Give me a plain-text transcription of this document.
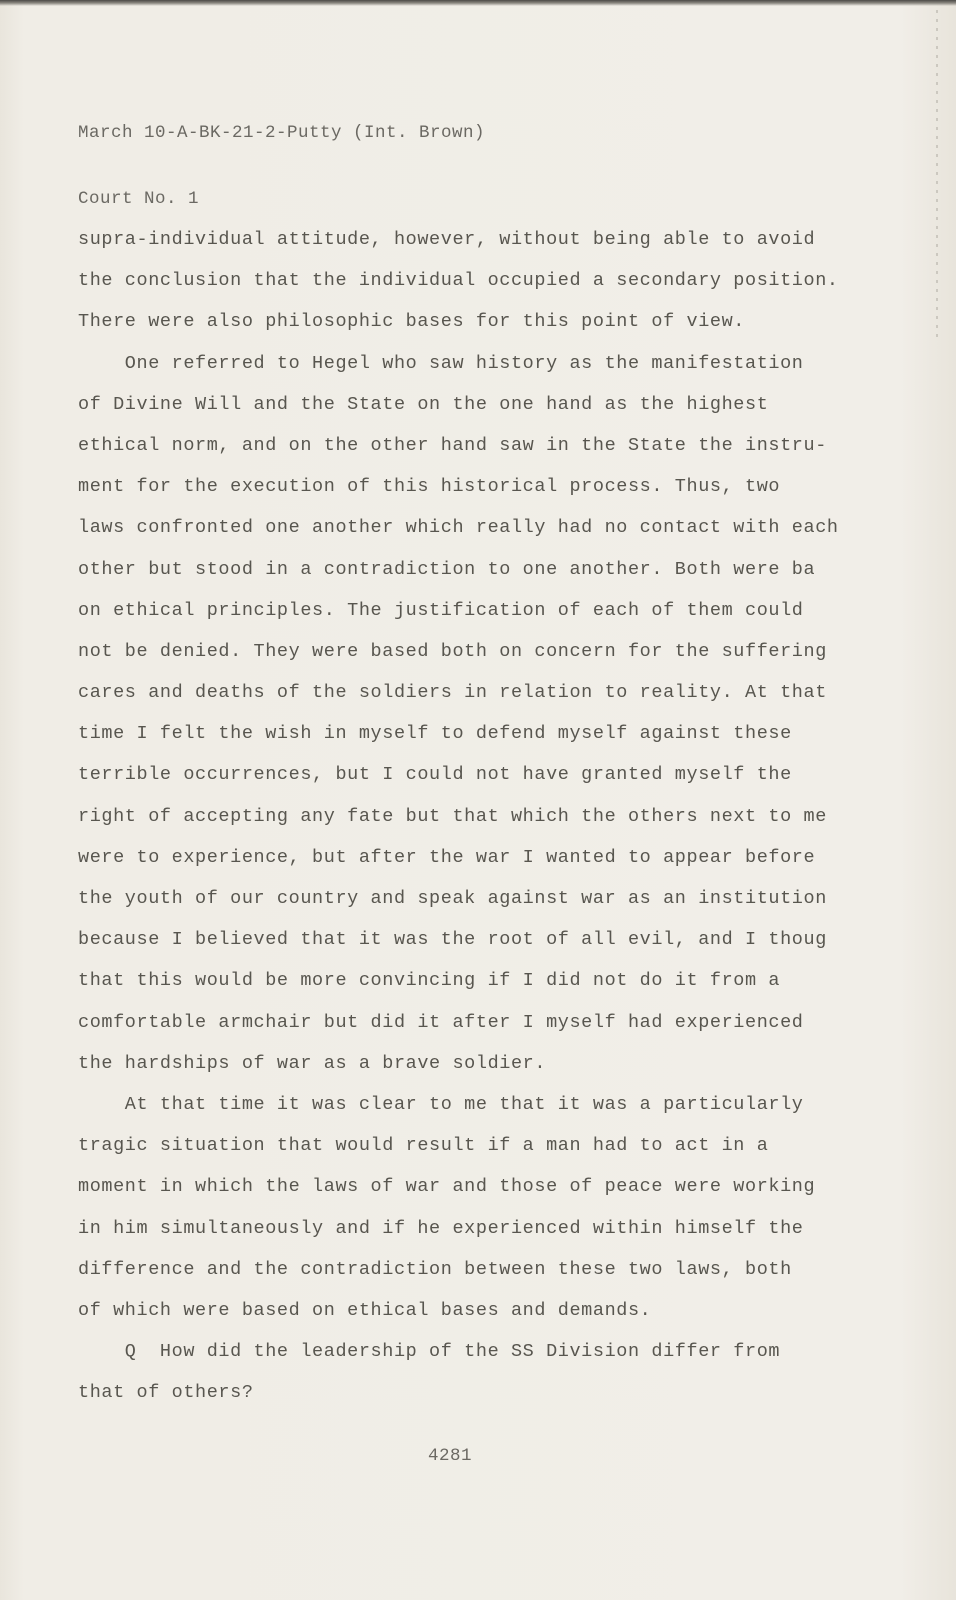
March 10-A-BK-21-2-Putty (Int. Brown)

Court No. 1

supra-individual attitude, however, without being able to avoid
the conclusion that the individual occupied a secondary position.
There were also philosophic bases for this point of view.
One referred to Hegel who saw history as the manifestation
of Divine Will and the State on the one hand as the highest
ethical norm, and on the other hand saw in the State the instru-
ment for the execution of this historical process. Thus, two
laws confronted one another which really had no contact with each
other but stood in a contradiction to one another. Both were ba
on ethical principles. The justification of each of them could
not be denied. They were based both on concern for the suffering
cares and deaths of the soldiers in relation to reality. At that
time I felt the wish in myself to defend myself against these
terrible occurrences, but I could not have granted myself the
right of accepting any fate but that which the others next to me
were to experience, but after the war I wanted to appear before
the youth of our country and speak against war as an institution
because I believed that it was the root of all evil, and I thoug
that this would be more convincing if I did not do it from a
comfortable armchair but did it after I myself had experienced
the hardships of war as a brave soldier.
At that time it was clear to me that it was a particularly
tragic situation that would result if a man had to act in a
moment in which the laws of war and those of peace were working
in him simultaneously and if he experienced within himself the
difference and the contradiction between these two laws, both
of which were based on ethical bases and demands.
Q  How did the leadership of the SS Division differ from
that of others?
4281
